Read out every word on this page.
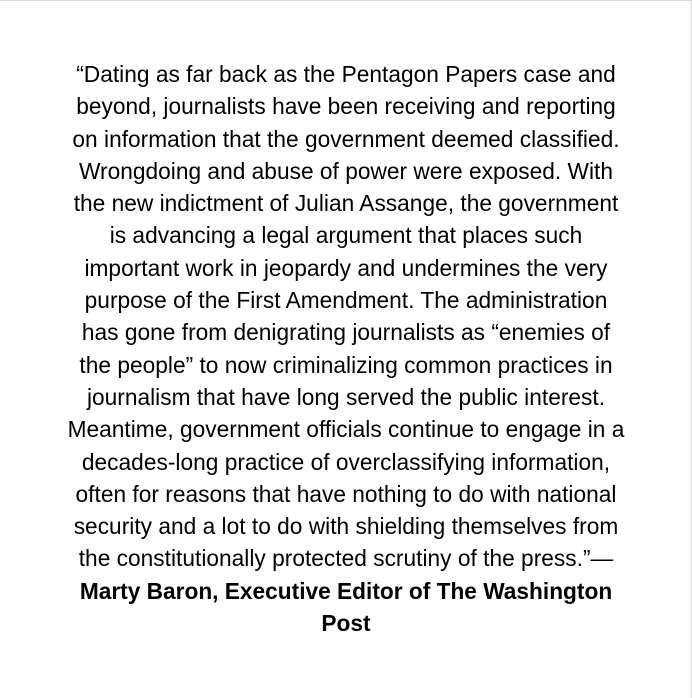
“Dating as far back as the Pentagon Papers case and
beyond, journalists have been receiving and reporting
on information that the government deemed classified.
Wrongdoing and abuse of power were exposed. With
the new indictment of Julian Assange, the government
is advancing a legal argument that places such
important work in jeopardy and undermines the very
purpose of the First Amendment. The administration
has gone from denigrating journalists as “enemies of
the people” to now criminalizing common practices in
journalism that have long served the public interest.
Meantime, government officials continue to engage in a
decades-long practice of overclassifying information,
often for reasons that have nothing to do with national
security and a lot to do with shielding themselves from
the constitutionally protected scrutiny of the press.”—

Marty Baron, Executive Editor of The Washington
Post
